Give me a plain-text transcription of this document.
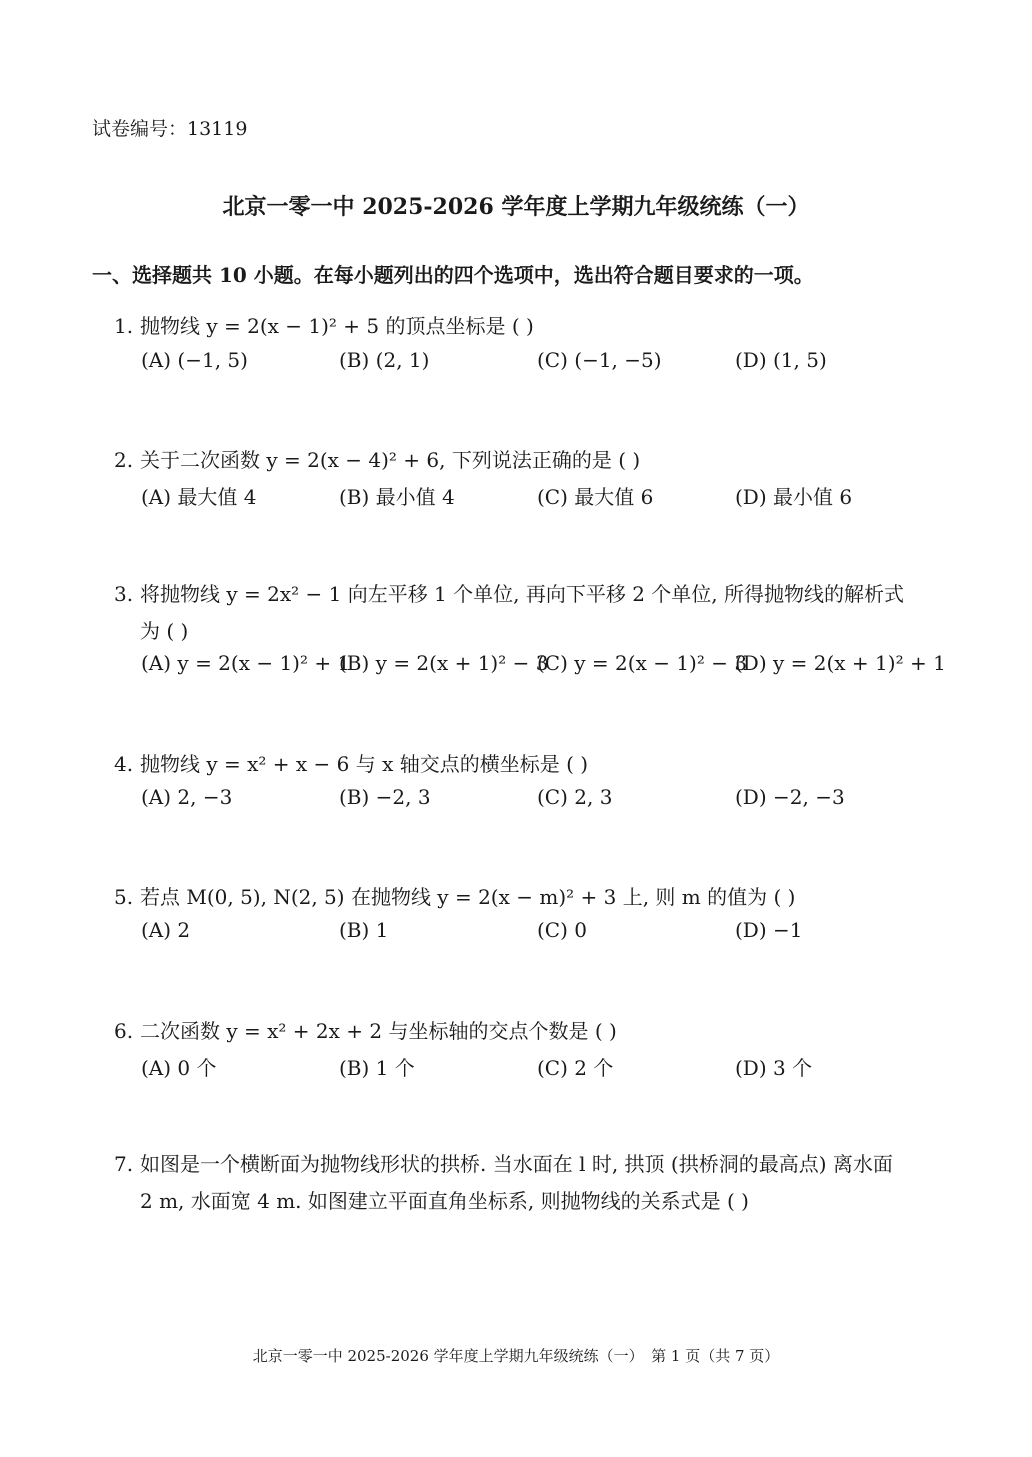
试卷编号：13119
北京一零一中 2025-2026 学年度上学期九年级统练（一）
一、选择题共 10 小题。在每小题列出的四个选项中，选出符合题目要求的一项。
1. 抛物线 y = 2(x − 1)² + 5 的顶点坐标是 ( )
(A) (−1, 5)	(B) (2, 1)	(C) (−1, −5)	(D) (1, 5)
2. 关于二次函数 y = 2(x − 4)² + 6, 下列说法正确的是 ( )
(A) 最大值 4	(B) 最小值 4	(C) 最大值 6	(D) 最小值 6
3. 将抛物线 y = 2x² − 1 向左平移 1 个单位, 再向下平移 2 个单位, 所得抛物线的解析式
为 ( )
(A) y = 2(x − 1)² + 1
(B) y = 2(x + 1)² − 3
(C) y = 2(x − 1)² − 3
(D) y = 2(x + 1)² + 1
4. 抛物线 y = x² + x − 6 与 x 轴交点的横坐标是 ( )
(A) 2, −3	(B) −2, 3	(C) 2, 3	(D) −2, −3
5. 若点 M(0, 5), N(2, 5) 在抛物线 y = 2(x − m)² + 3 上, 则 m 的值为 ( )
(A) 2	(B) 1	(C) 0	(D) −1
6. 二次函数 y = x² + 2x + 2 与坐标轴的交点个数是 ( )
(A) 0 个	(B) 1 个	(C) 2 个	(D) 3 个
7. 如图是一个横断面为抛物线形状的拱桥. 当水面在 l 时, 拱顶 (拱桥洞的最高点) 离水面
2 m, 水面宽 4 m. 如图建立平面直角坐标系, 则抛物线的关系式是 ( )
北京一零一中 2025-2026 学年度上学期九年级统练（一）　第 1 页（共 7 页）
